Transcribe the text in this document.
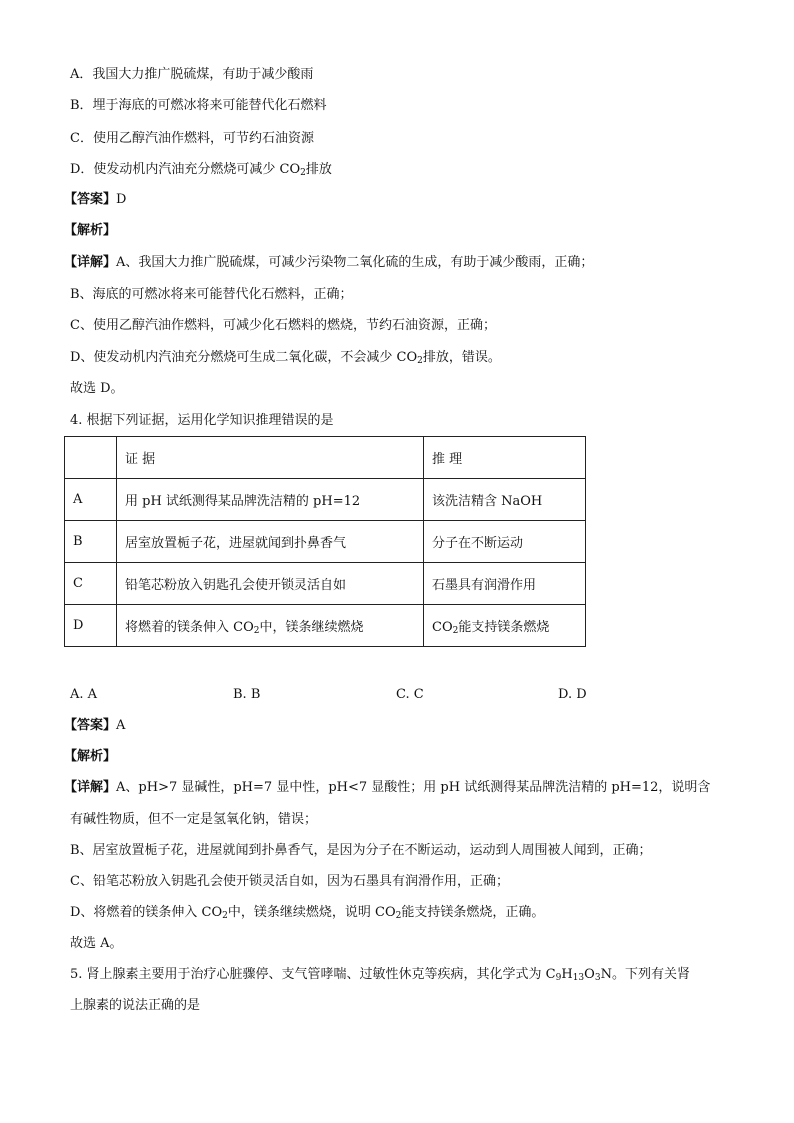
A．我国大力推广脱硫煤，有助于减少酸雨
B．埋于海底的可燃冰将来可能替代化石燃料
C．使用乙醇汽油作燃料，可节约石油资源
D．使发动机内汽油充分燃烧可减少 $CO_2$排放
【答案】D
【解析】
【详解】A、我国大力推广脱硫煤，可减少污染物二氧化硫的生成，有助于减少酸雨，正确；
B、海底的可燃冰将来可能替代化石燃料，正确；
C、使用乙醇汽油作燃料，可减少化石燃料的燃烧，节约石油资源，正确；
D、使发动机内汽油充分燃烧可生成二氧化碳，不会减少 $CO_2$排放，错误。
故选 D。
4. 根据下列证据，运用化学知识推理错误的是
	证 据	推 理
A	用 pH 试纸测得某品牌洗洁精的 pH=12	该洗洁精含 NaOH
B	居室放置栀子花，进屋就闻到扑鼻香气	分子在不断运动
C	铅笔芯粉放入钥匙孔会使开锁灵活自如	石墨具有润滑作用
D	将燃着的镁条伸入 $CO_2$中，镁条继续燃烧	$CO_2$能支持镁条燃烧
A. A	B. B	C. C	D. D
【答案】A
【解析】
【详解】A、pH>7 显碱性，pH=7 显中性，pH<7 显酸性；用 pH 试纸测得某品牌洗洁精的 pH=12，说明含
有碱性物质，但不一定是氢氧化钠，错误；
B、居室放置栀子花，进屋就闻到扑鼻香气，是因为分子在不断运动，运动到人周围被人闻到，正确；
C、铅笔芯粉放入钥匙孔会使开锁灵活自如，因为石墨具有润滑作用，正确；
D、将燃着的镁条伸入 $CO_2$中，镁条继续燃烧，说明 $CO_2$能支持镁条燃烧，正确。
故选 A。
5. 肾上腺素主要用于治疗心脏骤停、支气管哮喘、过敏性休克等疾病，其化学式为 $C_9H_{13}O_3N$。下列有关肾
上腺素的说法正确的是
